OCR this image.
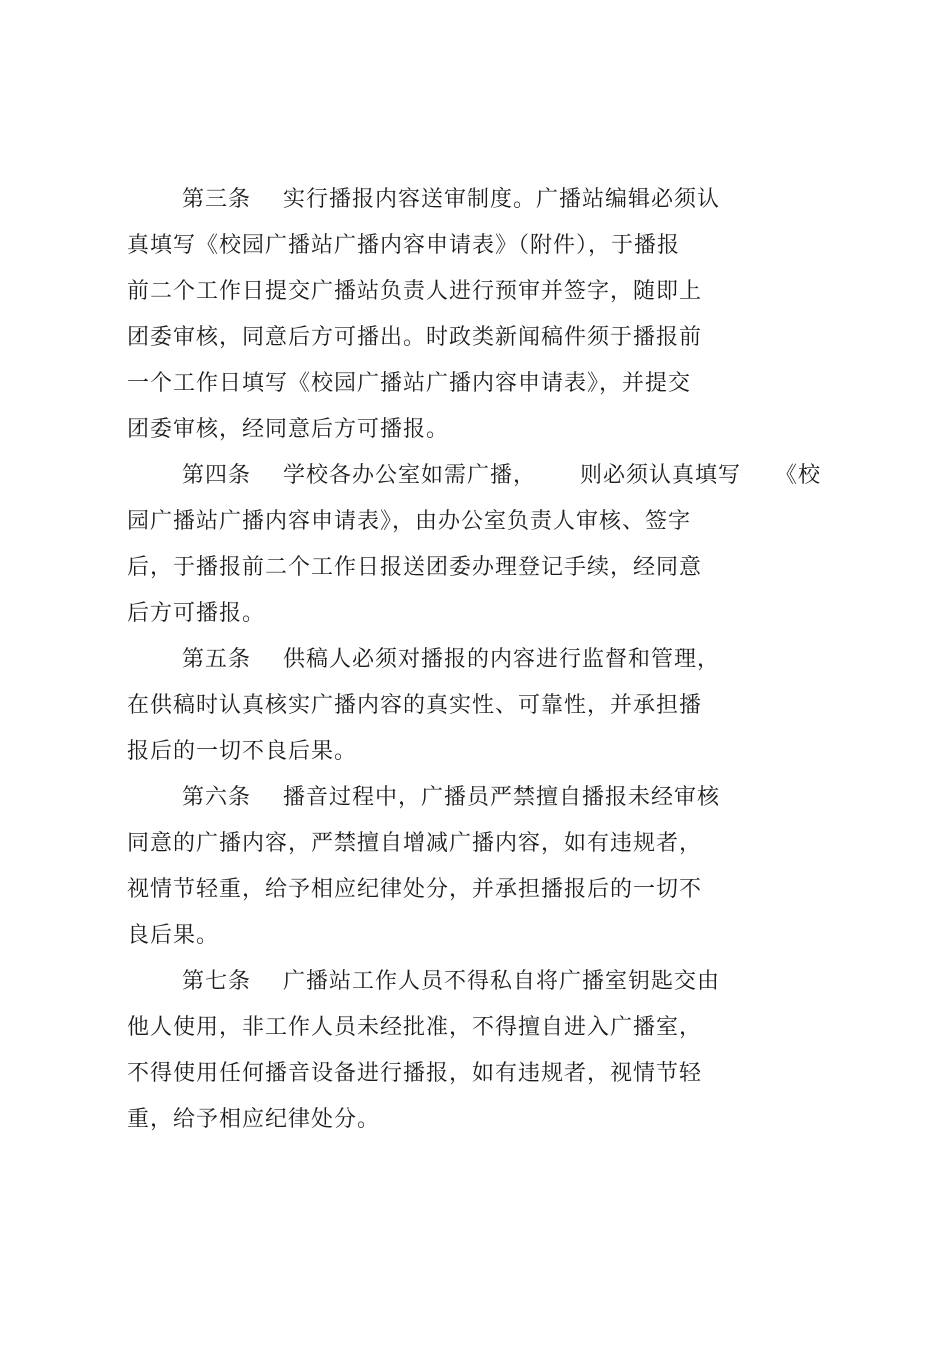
第三条 实行播报内容送审制度。广播站编辑必须认
真填写《校园广播站广播内容申请表》（附件），于播报
前二个工作日提交广播站负责人进行预审并签字，随即上
团委审核，同意后方可播出。时政类新闻稿件须于播报前
一个工作日填写《校园广播站广播内容申请表》，并提交
团委审核，经同意后方可播报。
第四条 学校各办公室如需广播， 则必须认真填写 《校
园广播站广播内容申请表》，由办公室负责人审核、签字
后，于播报前二个工作日报送团委办理登记手续，经同意
后方可播报。
第五条 供稿人必须对播报的内容进行监督和管理，
在供稿时认真核实广播内容的真实性、可靠性，并承担播
报后的一切不良后果。
第六条 播音过程中，广播员严禁擅自播报未经审核
同意的广播内容，严禁擅自增减广播内容，如有违规者，
视情节轻重，给予相应纪律处分，并承担播报后的一切不
良后果。
第七条 广播站工作人员不得私自将广播室钥匙交由
他人使用，非工作人员未经批准，不得擅自进入广播室，
不得使用任何播音设备进行播报，如有违规者，视情节轻
重，给予相应纪律处分。
